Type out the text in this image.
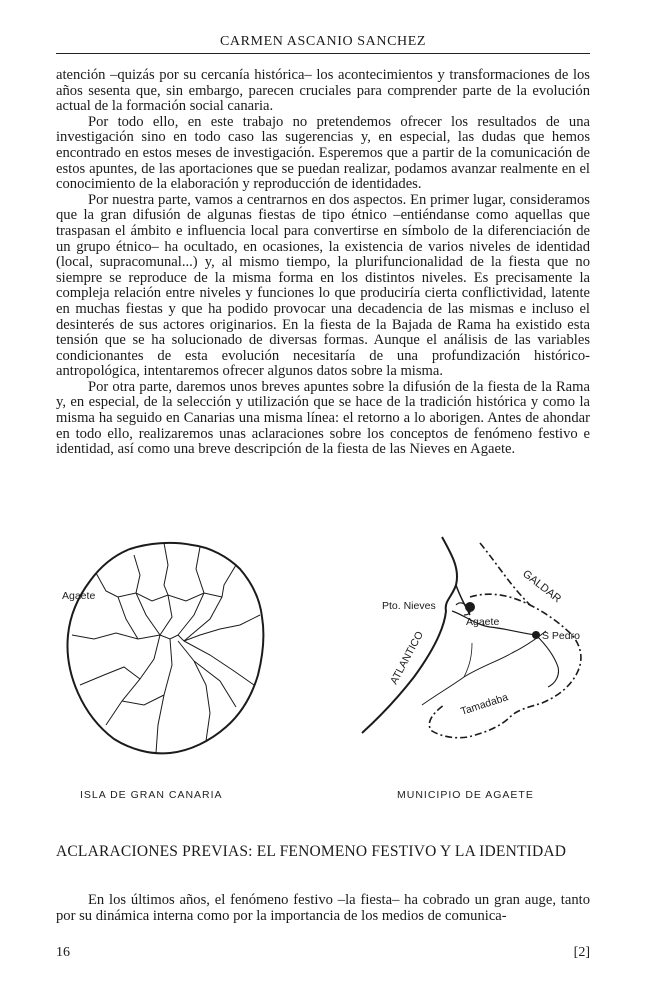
CARMEN ASCANIO SANCHEZ

atención –quizás por su cercanía histórica– los acontecimientos y transformaciones de los años sesenta que, sin embargo, parecen cruciales para comprender parte de la evolución actual de la formación social canaria.

Por todo ello, en este trabajo no pretendemos ofrecer los resultados de una investigación sino en todo caso las sugerencias y, en especial, las dudas que hemos encontrado en estos meses de investigación. Esperemos que a partir de la comunicación de estos apuntes, de las aportaciones que se puedan realizar, podamos avanzar realmente en el conocimiento de la elaboración y reproducción de identidades.

Por nuestra parte, vamos a centrarnos en dos aspectos. En primer lugar, consideramos que la gran difusión de algunas fiestas de tipo étnico –entiéndanse como aquellas que traspasan el ámbito e influencia local para convertirse en símbolo de la diferenciación de un grupo étnico– ha ocultado, en ocasiones, la existencia de varios niveles de identidad (local, supracomunal...) y, al mismo tiempo, la plurifuncionalidad de la fiesta que no siempre se reproduce de la misma forma en los distintos niveles. Es precisamente la compleja relación entre niveles y funciones lo que produciría cierta conflictividad, latente en muchas fiestas y que ha podido provocar una decadencia de las mismas e incluso el desinterés de sus actores originarios. En la fiesta de la Bajada de Rama ha existido esta tensión que se ha solucionado de diversas formas. Aunque el análisis de las variables condicionantes de esta evolución necesitaría de una profundización histórico-antropológica, intentaremos ofrecer algunos datos sobre la misma.

Por otra parte, daremos unos breves apuntes sobre la difusión de la fiesta de la Rama y, en especial, de la selección y utilización que se hace de la tradición histórica y como la misma ha seguido en Canarias una misma línea: el retorno a lo aborigen. Antes de ahondar en todo ello, realizaremos unas aclaraciones sobre los conceptos de fenómeno festivo e identidad, así como una breve descripción de la fiesta de las Nieves en Agaete.

Agaete	GALDAR
Pto. Nieves
Agaete
S Pedro
ATLANTICO
Tamadaba
ISLA DE GRAN CANARIA	MUNICIPIO DE AGAETE
ACLARACIONES PREVIAS: EL FENOMENO FESTIVO Y LA IDENTIDAD

En los últimos años, el fenómeno festivo –la fiesta– ha cobrado un gran auge, tanto por su dinámica interna como por la importancia de los medios de comunica-

16	[2]
